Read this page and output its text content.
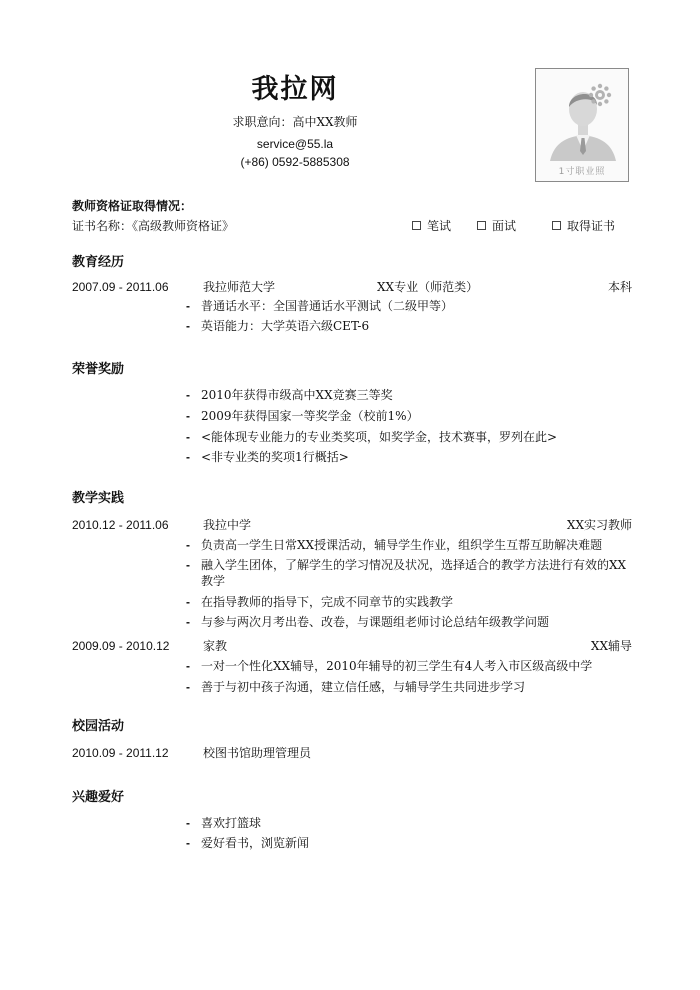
我拉网
求职意向：高中XX教师
service@55.la
(+86) 0592-5885308
1寸职业照
教师资格证取得情况：
证书名称：《高级教师资格证》	笔试	面试	取得证书
教育经历
2007.09 - 2011.06	我拉师范大学	XX专业（师范类）	本科
- 普通话水平：全国普通话水平测试（二级甲等）
- 英语能力：大学英语六级CET-6
荣誉奖励
- 2010年获得市级高中XX竞赛三等奖
- 2009年获得国家一等奖学金（校前1%）
- <能体现专业能力的专业类奖项，如奖学金，技术赛事，罗列在此>
- <非专业类的奖项1行概括>
教学实践
2010.12 - 2011.06	我拉中学	XX实习教师
- 负责高一学生日常XX授课活动，辅导学生作业，组织学生互帮互助解决难题
- 融入学生团体，了解学生的学习情况及状况，选择适合的教学方法进行有效的XX教学
- 在指导教师的指导下，完成不同章节的实践教学
- 与参与两次月考出卷、改卷，与课题组老师讨论总结年级教学问题
2009.09 - 2010.12	家教	XX辅导
- 一对一个性化XX辅导，2010年辅导的初三学生有4人考入市区级高级中学
- 善于与初中孩子沟通，建立信任感，与辅导学生共同进步学习
校园活动
2010.09 - 2011.12	校图书馆助理管理员
兴趣爱好
- 喜欢打篮球
- 爱好看书，浏览新闻
